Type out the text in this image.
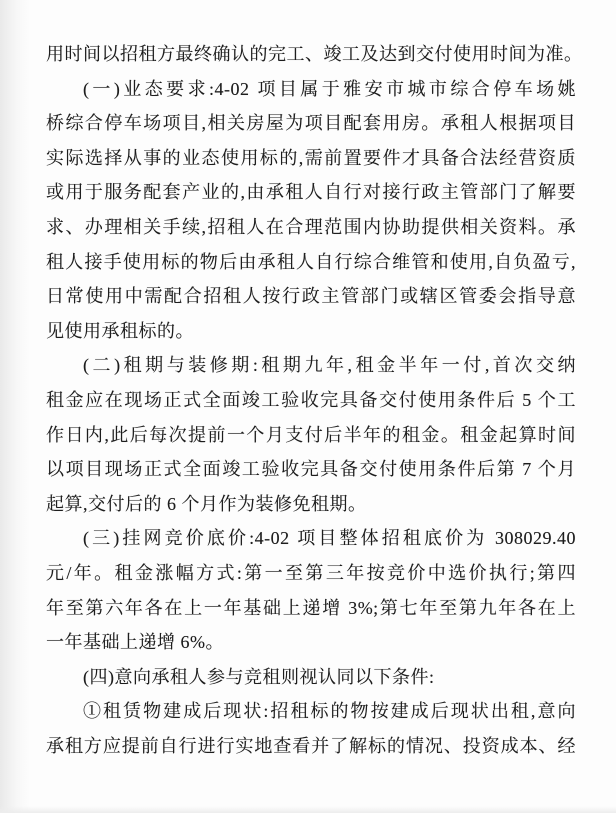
用时间以招租方最终确认的完工、竣工及达到交付使用时间为准。
(一)业态要求:4-02 项目属于雅安市城市综合停车场姚
桥综合停车场项目,相关房屋为项目配套用房。承租人根据项目
实际选择从事的业态使用标的,需前置要件才具备合法经营资质
或用于服务配套产业的,由承租人自行对接行政主管部门了解要
求、办理相关手续,招租人在合理范围内协助提供相关资料。承
租人接手使用标的物后由承租人自行综合维管和使用,自负盈亏,
日常使用中需配合招租人按行政主管部门或辖区管委会指导意
见使用承租标的。
(二)租期与装修期:租期九年,租金半年一付,首次交纳
租金应在现场正式全面竣工验收完具备交付使用条件后 5 个工
作日内,此后每次提前一个月支付后半年的租金。租金起算时间
以项目现场正式全面竣工验收完具备交付使用条件后第 7 个月
起算,交付后的 6 个月作为装修免租期。
(三)挂网竞价底价:4-02 项目整体招租底价为 308029.40
元/年。租金涨幅方式:第一至第三年按竞价中选价执行;第四
年至第六年各在上一年基础上递增 3%;第七年至第九年各在上
一年基础上递增 6%。
(四)意向承租人参与竞租则视认同以下条件:
①租赁物建成后现状:招租标的物按建成后现状出租,意向
承租方应提前自行进行实地查看并了解标的情况、投资成本、经
